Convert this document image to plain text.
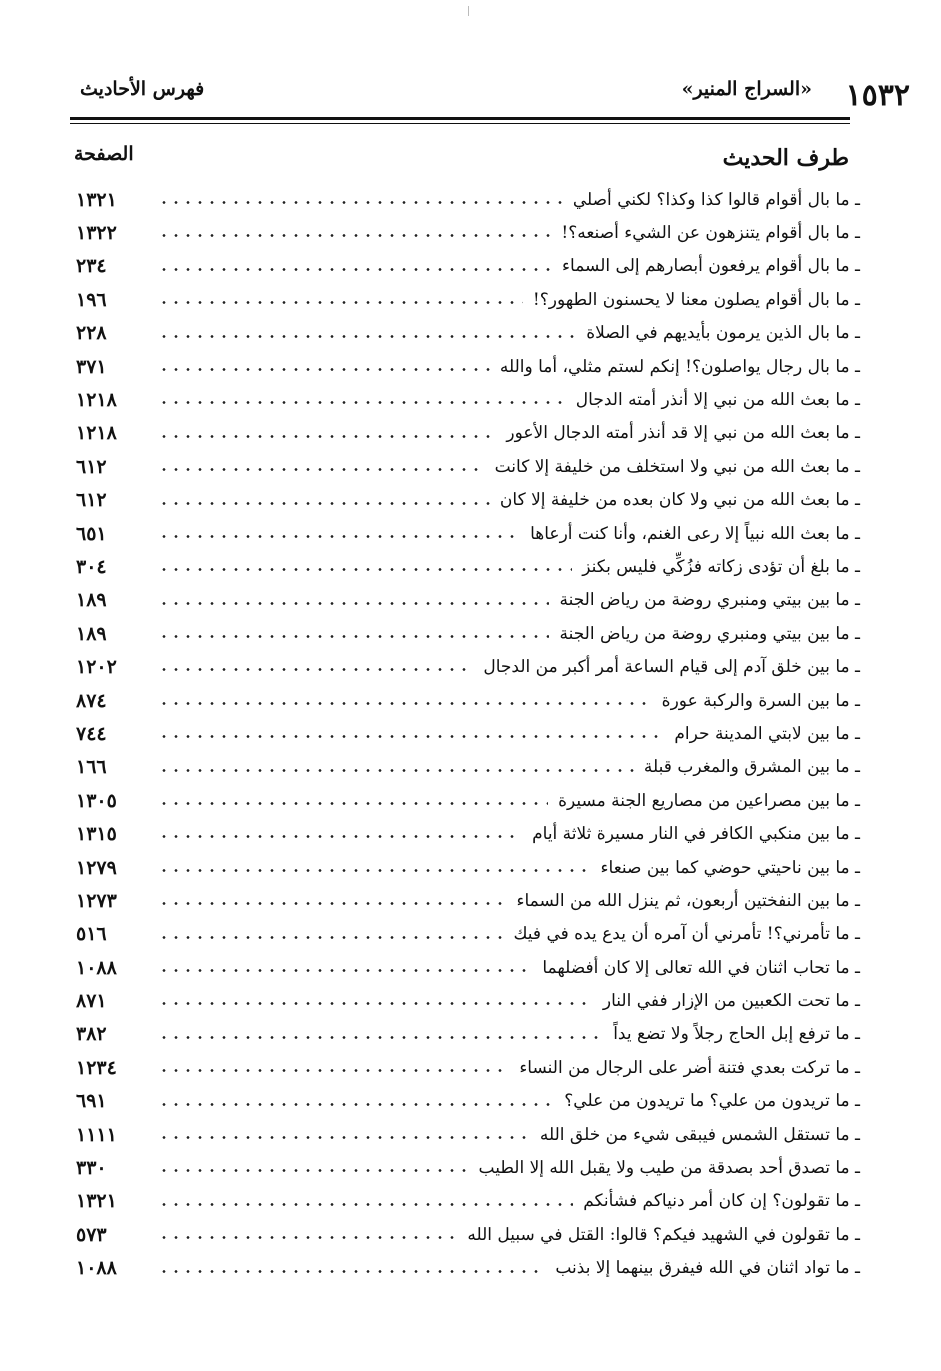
١٥٣٢
«السراج المنير»
فهرس الأحاديث
طرف الحديث
الصفحة
١٣٢١	ـ ما بال أقوام قالوا كذا وكذا؟ لكني أصلي
١٣٢٢	ـ ما بال أقوام يتنزهون عن الشيء أصنعه؟!
٢٣٤	ـ ما بال أقوام يرفعون أبصارهم إلى السماء
١٩٦	ـ ما بال أقوام يصلون معنا لا يحسنون الطهور؟!
٢٢٨	ـ ما بال الذين يرمون بأيديهم في الصلاة
٣٧١	ـ ما بال رجال يواصلون؟! إنكم لستم مثلي، أما والله
١٢١٨	ـ ما بعث الله من نبي إلا أنذر أمته الدجال
١٢١٨	ـ ما بعث الله من نبي إلا قد أنذر أمته الدجال الأعور
٦١٢	ـ ما بعث الله من نبي ولا استخلف من خليفة إلا كانت
٦١٢	ـ ما بعث الله من نبي ولا كان بعده من خليفة إلا كان
٦٥١	ـ ما بعث الله نبياً إلا رعى الغنم، وأنا كنت أرعاها
٣٠٤	ـ ما بلغ أن تؤدى زكاته فزُكِّي فليس بكنز
١٨٩	ـ ما بين بيتي ومنبري روضة من رياض الجنة
١٨٩	ـ ما بين بيتي ومنبري روضة من رياض الجنة
١٢٠٢	ـ ما بين خلق آدم إلى قيام الساعة أمر أكبر من الدجال
٨٧٤	ـ ما بين السرة والركبة عورة
٧٤٤	ـ ما بين لابتي المدينة حرام
١٦٦	ـ ما بين المشرق والمغرب قبلة
١٣٠٥	ـ ما بين مصراعين من مصاريع الجنة مسيرة
١٣١٥	ـ ما بين منكبي الكافر في النار مسيرة ثلاثة أيام
١٢٧٩	ـ ما بين ناحيتي حوضي كما بين صنعاء
١٢٧٣	ـ ما بين النفختين أربعون، ثم ينزل الله من السماء
٥١٦	ـ ما تأمرني؟! تأمرني أن آمره أن يدع يده في فيك
١٠٨٨	ـ ما تحاب اثنان في الله تعالى إلا كان أفضلهما
٨٧١	ـ ما تحت الكعبين من الإزار ففي النار
٣٨٢	ـ ما ترفع إبل الحاج رجلاً ولا تضع يداً
١٢٣٤	ـ ما تركت بعدي فتنة أضر على الرجال من النساء
٦٩١	ـ ما تريدون من علي؟ ما تريدون من علي؟
١١١١	ـ ما تستقل الشمس فيبقى شيء من خلق الله
٣٣٠	ـ ما تصدق أحد بصدقة من طيب ولا يقبل الله إلا الطيب
١٣٢١	ـ ما تقولون؟ إن كان أمر دنياكم فشأنكم
٥٧٣	ـ ما تقولون في الشهيد فيكم؟ قالوا: القتل في سبيل الله
١٠٨٨	ـ ما تواد اثنان في الله فيفرق بينهما إلا بذنب
